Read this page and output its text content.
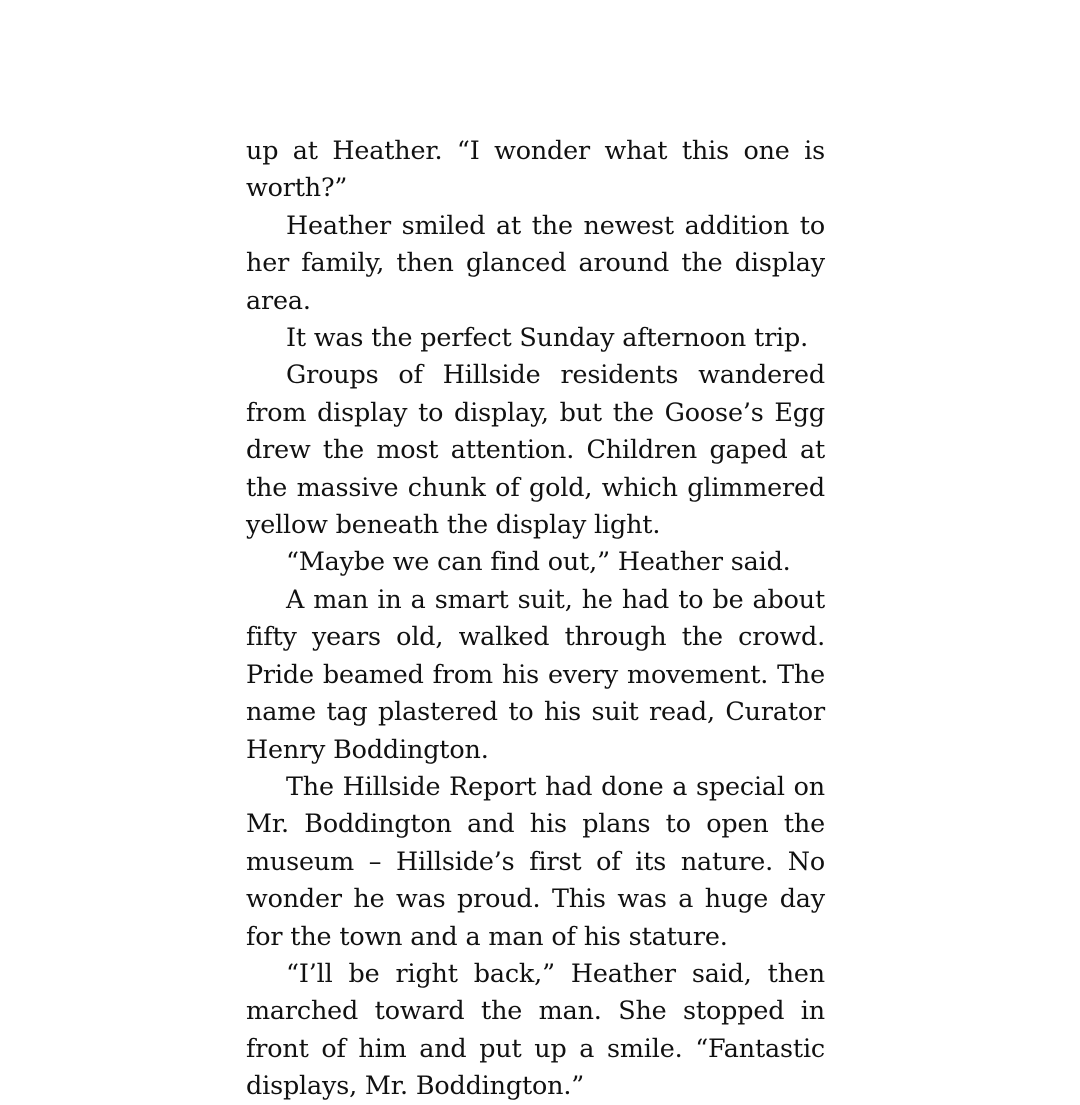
up at Heather. “I wonder what this one is worth?”

Heather smiled at the newest addition to her family, then glanced around the display area.

It was the perfect Sunday afternoon trip.

Groups of Hillside residents wandered from display to display, but the Goose’s Egg drew the most attention. Children gaped at the massive chunk of gold, which glimmered yellow beneath the display light.

“Maybe we can find out,” Heather said.

A man in a smart suit, he had to be about fifty years old, walked through the crowd. Pride beamed from his every movement. The name tag plastered to his suit read, Curator Henry Boddington.

The Hillside Report had done a special on Mr. Boddington and his plans to open the museum – Hillside’s first of its nature. No wonder he was proud. This was a huge day for the town and a man of his stature.

“I’ll be right back,” Heather said, then marched toward the man. She stopped in front of him and put up a smile. “Fantastic displays, Mr. Boddington.”
